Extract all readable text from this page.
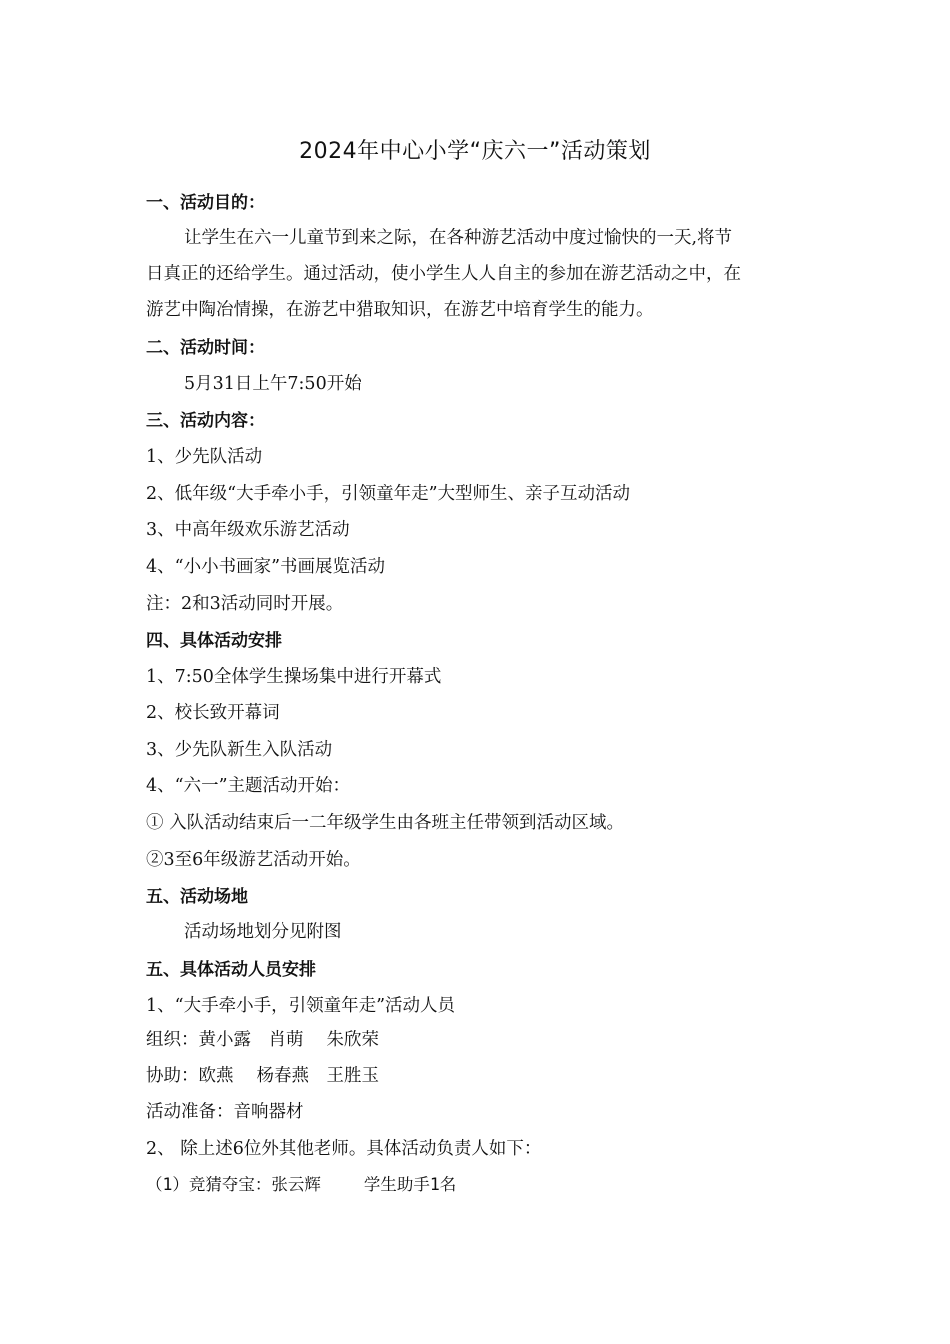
2024年中心小学“庆六一”活动策划
一、活动目的：
让学生在六一儿童节到来之际，在各种游艺活动中度过愉快的一天,将节
日真正的还给学生。通过活动，使小学生人人自主的参加在游艺活动之中，在
游艺中陶冶情操，在游艺中猎取知识，在游艺中培育学生的能力。
二、活动时间：
5月31日上午7:50开始
三、活动内容：
1、少先队活动
2、低年级“大手牵小手，引领童年走”大型师生、亲子互动活动
3、中高年级欢乐游艺活动
4、“小小书画家”书画展览活动
注：2和3活动同时开展。
四、具体活动安排
1、7:50全体学生操场集中进行开幕式
2、校长致开幕词
3、少先队新生入队活动
4、“六一”主题活动开始：
① 入队活动结束后一二年级学生由各班主任带领到活动区域。
②3至6年级游艺活动开始。
五、活动场地
活动场地划分见附图
五、具体活动人员安排
1、“大手牵小手，引领童年走”活动人员
组织：黄小露　肖萌　 朱欣荣
协助：欧燕　 杨春燕　王胜玉
活动准备：音响器材
2、 除上述6位外其他老师。具体活动负责人如下：
（1）竞猜夺宝：张云辉　　 学生助手1名
